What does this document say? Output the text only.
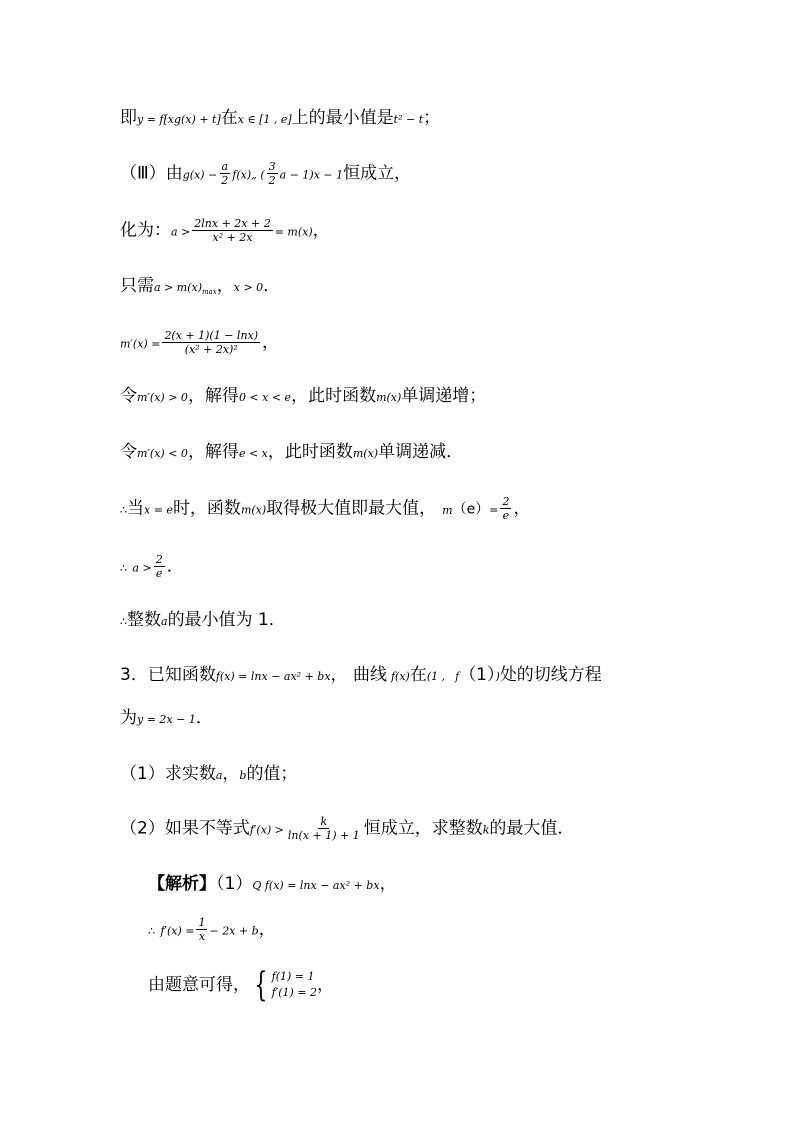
即y = f[xg(x) + t]在x ∈ [1 , e]上的最小值是t² − t；
（Ⅲ）由$g(x) - \frac{a}{2}$ f(x)„ ( $\frac{3}{2}$ a − 1)x − 1恒成立，
化为：$a > \frac{2\ln x + 2x + 2}{\text{x² + 2x}} = m(x)$，
只需$a > m(x)_{max}$，x > 0．
$m'(x) = \frac{2(x + 1)(1 - \ln x)}{\text{(x² + 2x)²}}$ ，
令m′(x) > 0，解得0 < x < e，此时函数m(x)单调递增；
令m′(x) < 0，解得e < x，此时函数m(x)单调递减．
∴当x = e时，函数m(x)取得极大值即最大值， $m(e)= \frac{2}{e}$ ，
∴ $a > \frac{2}{e}$ ．
∴整数a的最小值为 1．
3．已知函数f(x) = lnx − ax² + bx， 曲线 f(x)在(1 , f（1）)处的切线方程
为y = 2x − 1．
（1）求实数a，b的值；
（2）如果不等式$f'(x) > \frac{k}{\ln(x + 1) + 1}$ 恒成立，求整数k的最大值．
【解析】（1）Q f(x) = lnx − ax² + bx，
∴ $f'(x) = \frac{1}{x} - 2x + b$，
由题意可得， { f(1) = 1
f′(1) = 2 ，
